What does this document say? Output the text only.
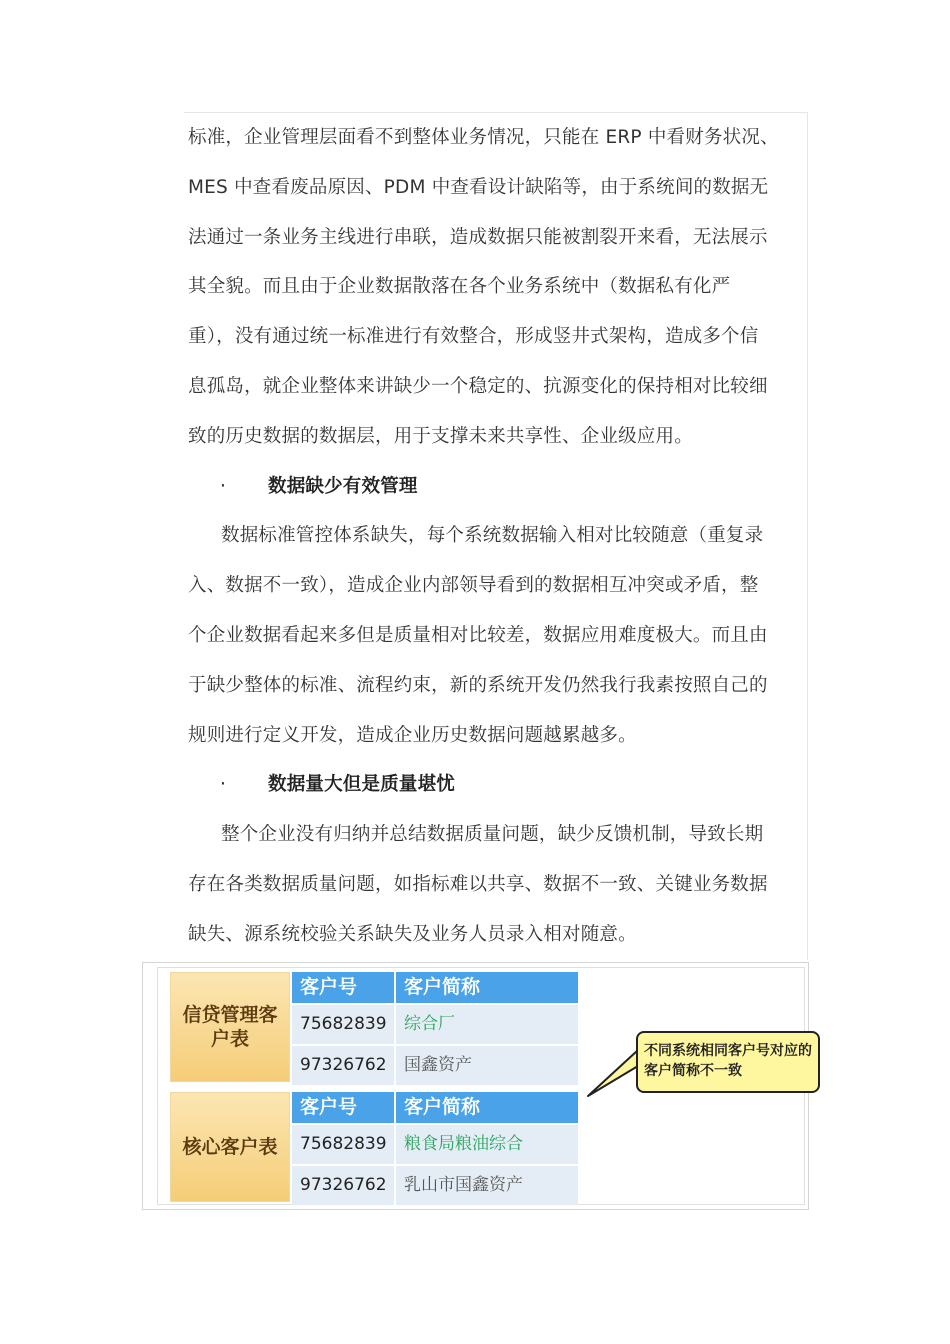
标准，企业管理层面看不到整体业务情况，只能在 ERP 中看财务状况、
MES 中查看废品原因、PDM 中查看设计缺陷等，由于系统间的数据无
法通过一条业务主线进行串联，造成数据只能被割裂开来看，无法展示
其全貌。而且由于企业数据散落在各个业务系统中（数据私有化严
重），没有通过统一标准进行有效整合，形成竖井式架构，造成多个信
息孤岛，就企业整体来讲缺少一个稳定的、抗源变化的保持相对比较细
致的历史数据的数据层，用于支撑未来共享性、企业级应用。
· 数据缺少有效管理
数据标准管控体系缺失，每个系统数据输入相对比较随意（重复录
入、数据不一致），造成企业内部领导看到的数据相互冲突或矛盾，整
个企业数据看起来多但是质量相对比较差，数据应用难度极大。而且由
于缺少整体的标准、流程约束，新的系统开发仍然我行我素按照自己的
规则进行定义开发，造成企业历史数据问题越累越多。
· 数据量大但是质量堪忧
整个企业没有归纳并总结数据质量问题，缺少反馈机制，导致长期
存在各类数据质量问题，如指标难以共享、数据不一致、关键业务数据
缺失、源系统校验关系缺失及业务人员录入相对随意。
信贷管理客户表
客户号	客户简称
75682839	综合厂
97326762	国鑫资产
核心客户表
客户号	客户简称
75682839	粮食局粮油综合
97326762	乳山市国鑫资产
不同系统相同客户号对应的客户简称不一致
